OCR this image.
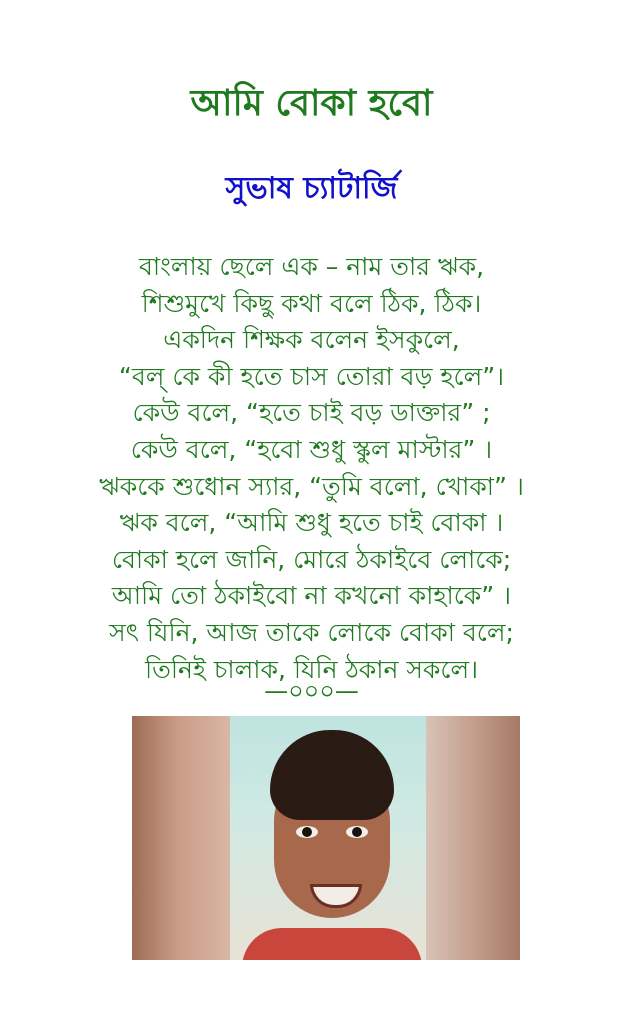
আমি বোকা হবো
সুভাষ চ্যাটার্জি
বাংলায় ছেলে এক – নাম তার ঋক,
শিশুমুখে কিছু কথা বলে ঠিক, ঠিক।
একদিন শিক্ষক বলেন ইসকুলে,
“বল্ কে কী হতে চাস তোরা বড় হলে”।
কেউ বলে, “হতে চাই বড় ডাক্তার” ;
কেউ বলে, “হবো শুধু স্কুল মাস্টার” ।
ঋককে শুধোন স্যার, “তুমি বলো, খোকা” ।
ঋক বলে, “আমি শুধু হতে চাই বোকা ।
বোকা হলে জানি, মোরে ঠকাইবে লোকে;
আমি তো ঠকাইবো না কখনো কাহাকে” ।
সৎ যিনি, আজ তাকে লোকে বোকা বলে;
তিনিই চালাক, যিনি ঠকান সকলে।
—০০০—
